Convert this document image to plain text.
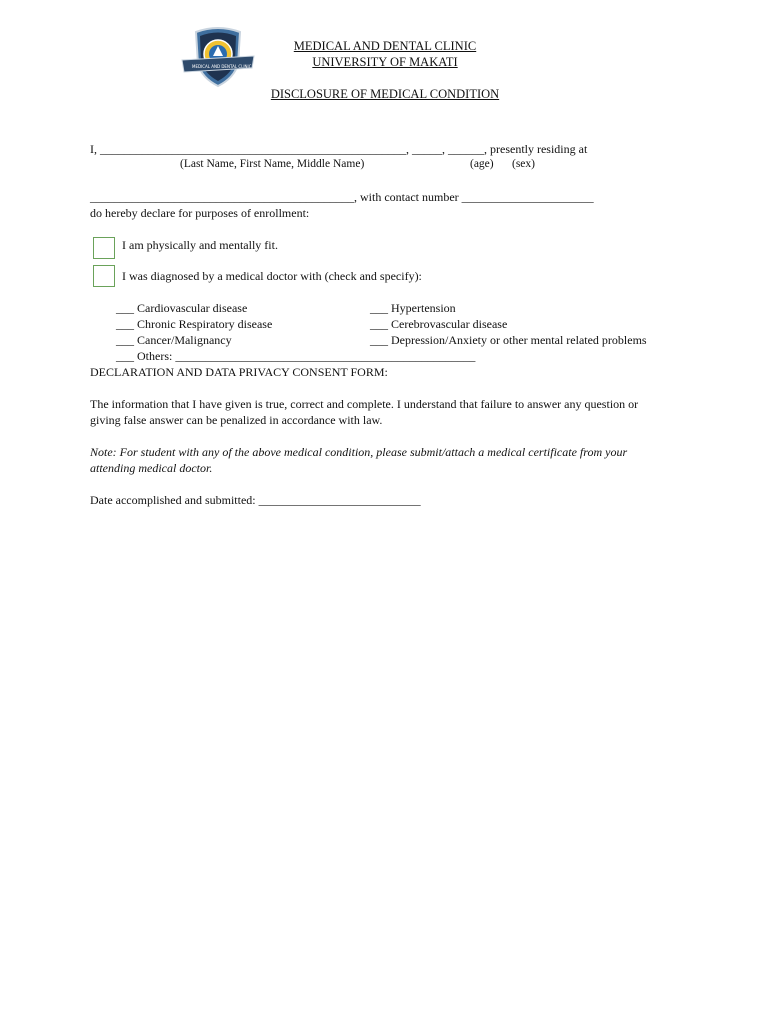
MEDICAL AND DENTAL CLINIC
MEDICAL AND DENTAL CLINIC
UNIVERSITY OF MAKATI
DISCLOSURE OF MEDICAL CONDITION
I, ___________________________________________________, _____, ______, presently residing at
(Last Name, First Name, Middle Name)	(age) (sex)
____________________________________________, with contact number ______________________
do hereby declare for purposes of enrollment:
I am physically and mentally fit.
I was diagnosed by a medical doctor with (check and specify):
___ Cardiovascular disease
___ Chronic Respiratory disease
___ Cancer/Malignancy
___ Others: __________________________________________________
___ Hypertension
___ Cerebrovascular disease
___ Depression/Anxiety or other mental related problems
DECLARATION AND DATA PRIVACY CONSENT FORM:
The information that I have given is true, correct and complete. I understand that failure to answer any question or
giving false answer can be penalized in accordance with law.
Note: For student with any of the above medical condition, please submit/attach a medical certificate from your
attending medical doctor.
Date accomplished and submitted: ___________________________
